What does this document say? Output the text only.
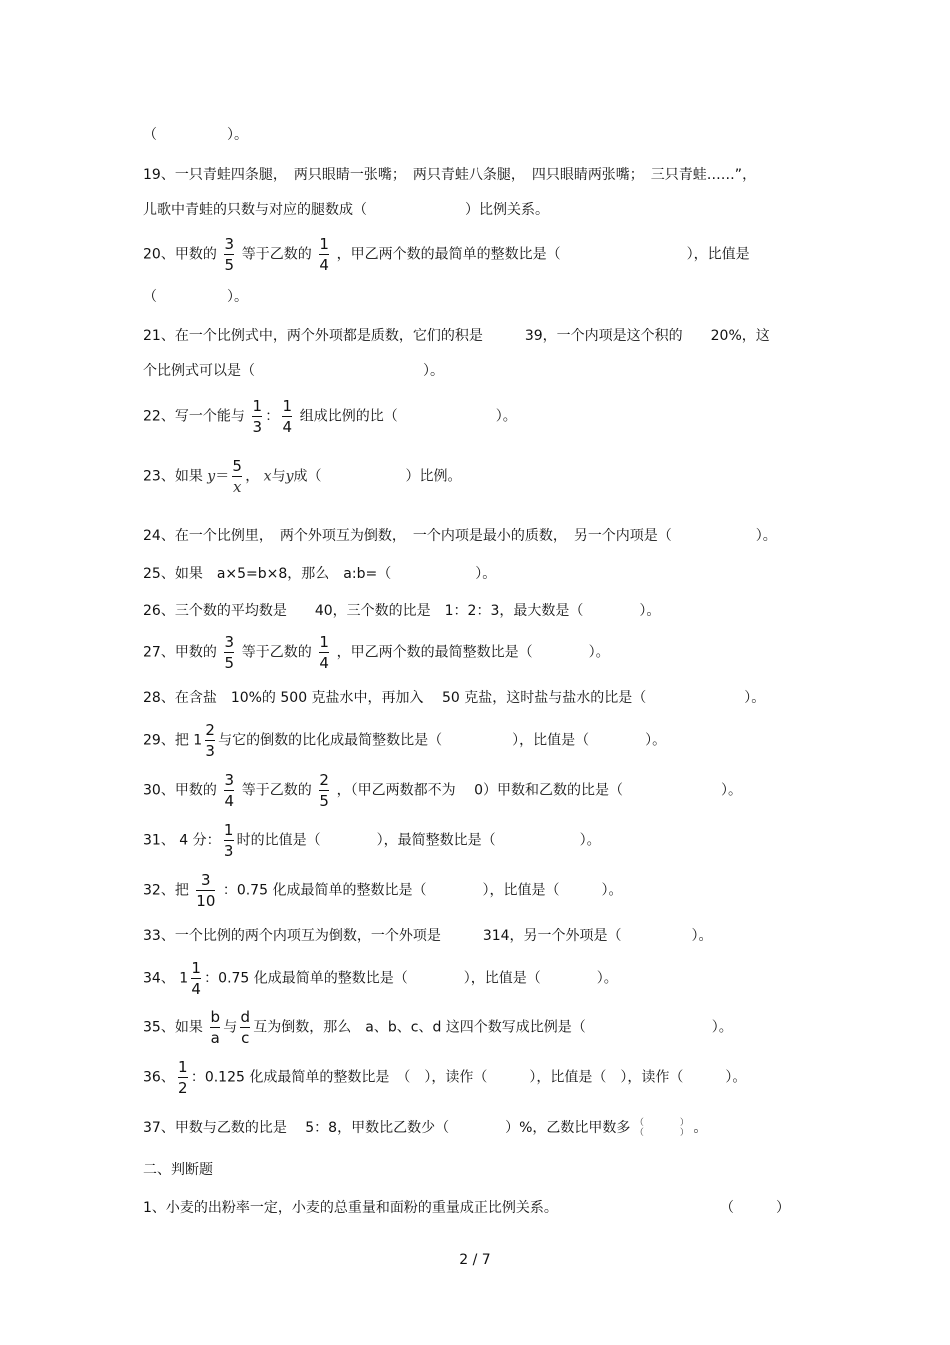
（　　　　　）。
19、一只青蛙四条腿，　两只眼睛一张嘴；　两只青蛙八条腿，　四只眼睛两张嘴；　三只青蛙……”，
儿歌中青蛙的只数与对应的腿数成（　　　　　　　）比例关系。
20、甲数的 $\frac{3}{5}$ 等于乙数的 $\frac{1}{4}$ ，甲乙两个数的最简单的整数比是（　　　　　　　　　），比值是
（　　　　　）。
21、在一个比例式中，两个外项都是质数，它们的积是　　　39，一个内项是这个积的　　20%，这
个比例式可以是（　　　　　　　　　　　　）。
22、写一个能与 $\frac{1}{3}$ ： $\frac{1}{4}$ 组成比例的比（　　　　　　　）。
23、如果 $y= \frac{5}{x}$ ， x与y成（　　　　　　）比例。
24、在一个比例里，　两个外项互为倒数，　一个内项是最小的质数，　另一个内项是（　　　　　　）。
25、如果　a×5=b×8，那么　a:b=（　　　　　　）。
26、三个数的平均数是　　40，三个数的比是　1：2：3，最大数是（　　　　）。
27、甲数的 $\frac{3}{5}$ 等于乙数的 $\frac{1}{4}$ ，甲乙两个数的最简整数比是（　　　　）。
28、在含盐　10%的 500 克盐水中，再加入　 50 克盐，这时盐与盐水的比是（　　　　　　　）。
29、把 $1 \frac{2}{3}$ 与它的倒数的比化成最简整数比是（　　　　　），比值是（　　　　）。
30、甲数的 $\frac{3}{4}$ 等于乙数的 $\frac{2}{5}$ ，（甲乙两数都不为　 0）甲数和乙数的比是（　　　　　　　）。
31、 4 分： $\frac{1}{3}$ 时的比值是（　　　　），最简整数比是（　　　　　　）。
32、把 $\frac{3}{10}$ ：0.75 化成最简单的整数比是（　　　　），比值是（　　　）。
33、一个比例的两个内项互为倒数，一个外项是　　　314，另一个外项是（　　　　　）。
34、 $1 \frac{1}{4}$ ：0.75 化成最简单的整数比是（　　　　），比值是（　　　　）。
35、如果 $\frac{b}{a}$ 与 $\frac{d}{c}$ 互为倒数，那么　a、b、c、d 这四个数写成比例是（　　　　　　　　　）。
36、 $\frac{1}{2}$ ：0.125 化成最简单的整数比是　（　），读作（　　　），比值是（　），读作（　　　）。
37、甲数与乙数的比是　 5：8，甲数比乙数少（　　　　）%，乙数比甲数多 （　　　　）
（　　　　） 。
二、判断题
1、小麦的出粉率一定，小麦的总重量和面粉的重量成正比例关系。	（　　　）
2 / 7
